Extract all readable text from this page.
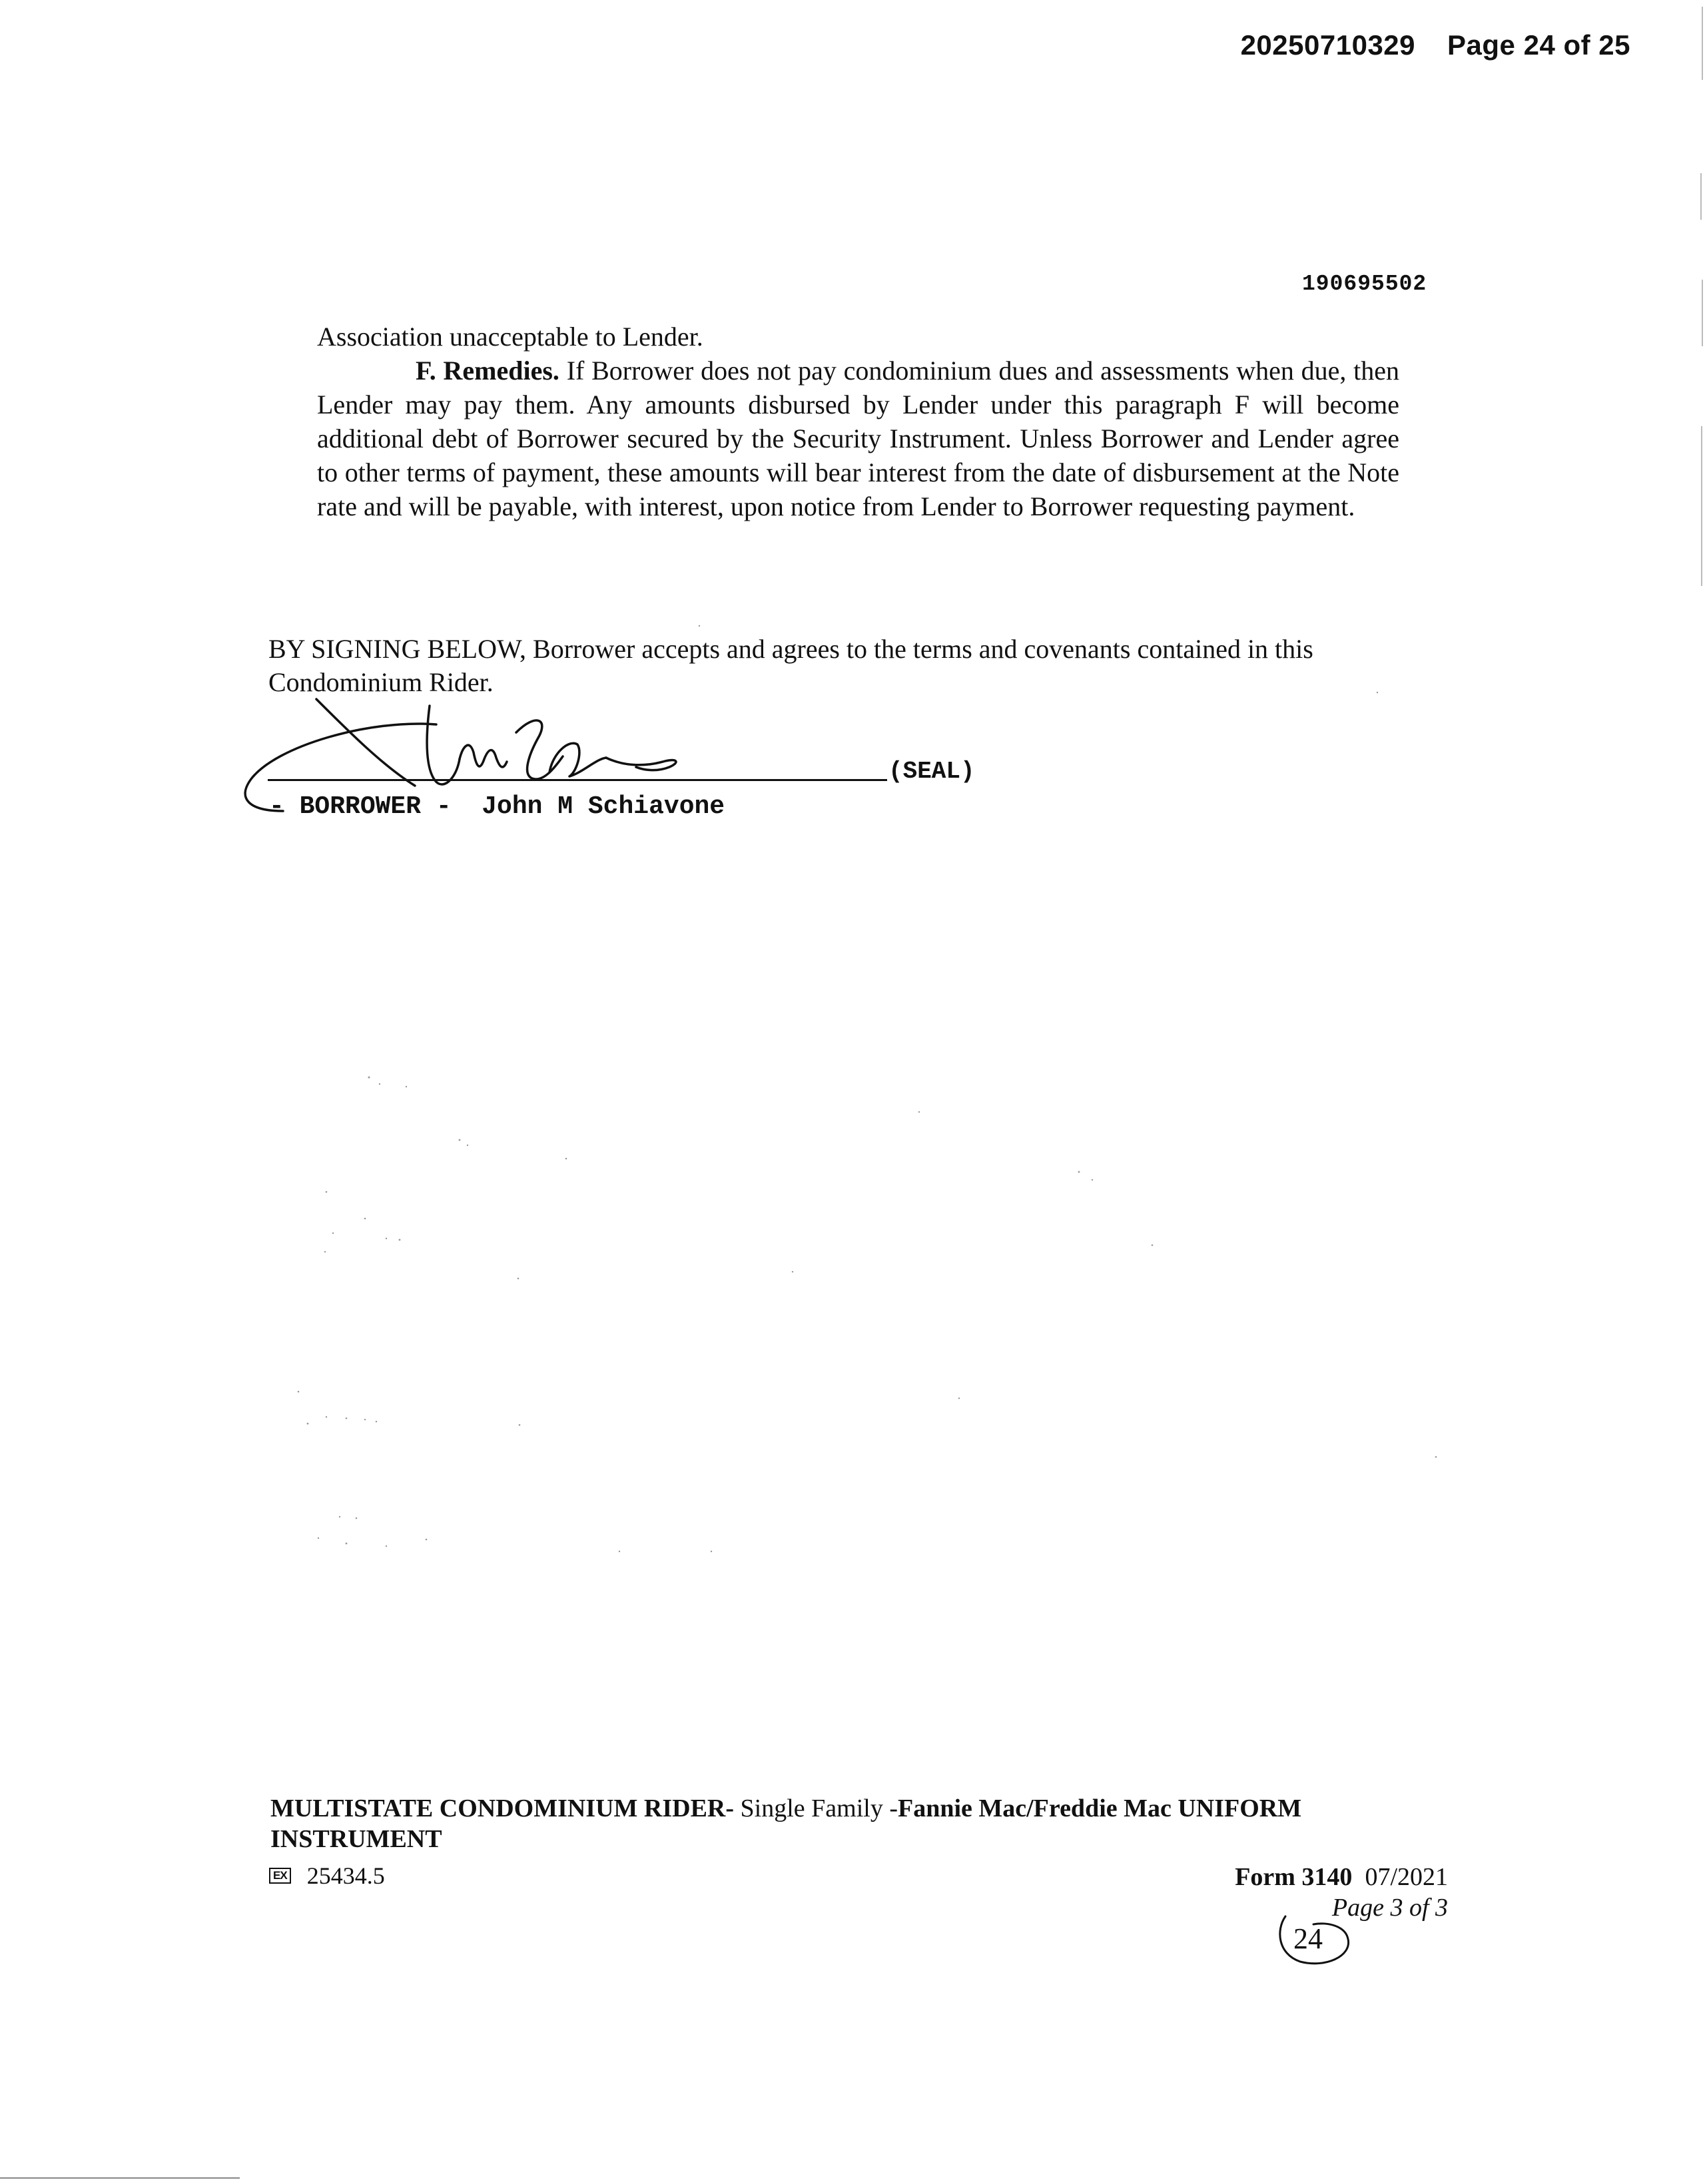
20250710329 Page 24 of 25
190695502

Association unacceptable to Lender.

F. Remedies. If Borrower does not pay condominium dues and assessments when due, then Lender may pay them. Any amounts disbursed by Lender under this paragraph F will become additional debt of Borrower secured by the Security Instrument. Unless Borrower and Lender agree to other terms of payment, these amounts will bear interest from the date of disbursement at the Note rate and will be payable, with interest, upon notice from Lender to Borrower requesting payment.

BY SIGNING BELOW, Borrower accepts and agrees to the terms and covenants contained in this Condominium Rider.
(SEAL)
- BORROWER -  John M Schiavone
MULTISTATE CONDOMINIUM RIDER- Single Family -Fannie Mac/Freddie Mac UNIFORM INSTRUMENT
EX 25434.5	Form 3140 07/2021
Page 3 of 3
24
